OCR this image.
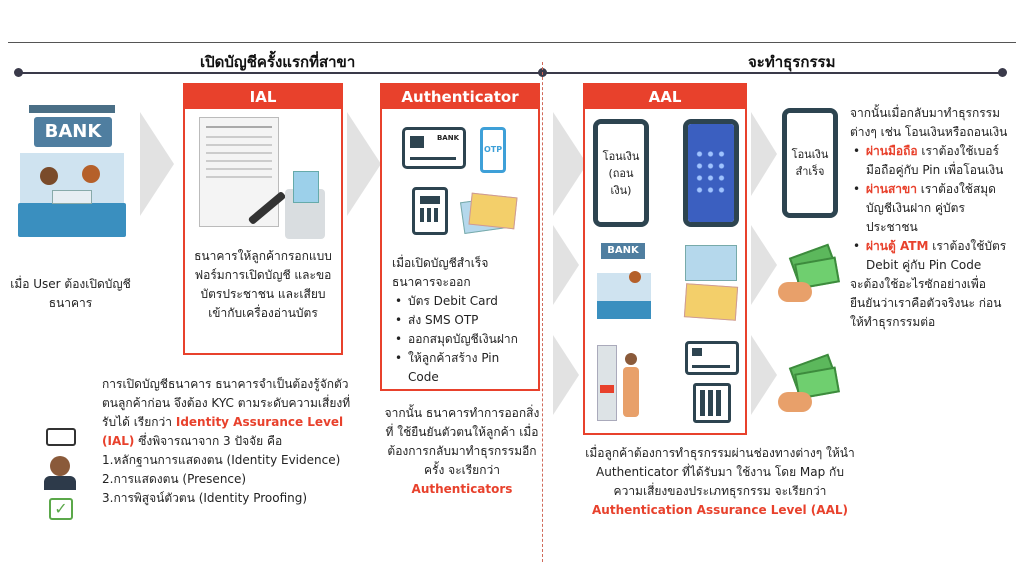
เปิดบัญชีครั้งแรกที่สาขา	จะทำธุรกรรม
BANK
เมื่อ User ต้องเปิดบัญชีธนาคาร
IAL
ธนาคารให้ลูกค้ากรอกแบบฟอร์มการเปิดบัญชี และขอบัตรประชาชน และเสียบเข้ากับเครื่องอ่านบัตร
Authenticator
BANK
OTP
เมื่อเปิดบัญชีสำเร็จ ธนาคารจะออก
• บัตร Debit Card
• ส่ง SMS OTP
• ออกสมุดบัญชีเงินฝาก
• ให้ลูกค้าสร้าง Pin Code
จากนั้น ธนาคารทำการออกสิ่งที่ ใช้ยืนยันตัวตนให้ลูกค้า เมื่อต้องการกลับมาทำธุรกรรมอีกครั้ง จะเรียกว่า Authenticators
✓
การเปิดบัญชีธนาคาร ธนาคารจำเป็นต้องรู้จักตัวตนลูกค้าก่อน จึงต้อง KYC ตามระดับความเสี่ยงที่รับได้ เรียกว่า Identity Assurance Level (IAL) ซึ่งพิจารณาจาก 3 ปัจจัย คือ
1.หลักฐานการแสดงตน (Identity Evidence)
2.การแสดงตน (Presence)
3.การพิสูจน์ตัวตน (Identity Proofing)
AAL
โอนเงิน
(ถอนเงิน)
BANK
เมื่อลูกค้าต้องการทำธุรกรรมผ่านช่องทางต่างๆ ให้นำ Authenticator ที่ได้รับมา ใช้งาน โดย Map กับความเสี่ยงของประเภทธุรกรรม จะเรียกว่า
Authentication Assurance Level (AAL)
โอนเงิน
สำเร็จ
จากนั้นเมื่อกลับมาทำธุรกรรมต่างๆ เช่น โอนเงินหรือถอนเงิน
• ผ่านมือถือ เราต้องใช้เบอร์มือถือคู่กับ Pin เพื่อโอนเงิน
• ผ่านสาขา เราต้องใช้สมุดบัญชีเงินฝาก คู่บัตรประชาชน
• ผ่านตู้ ATM เราต้องใช้บัตร Debit คู่กับ Pin Code
จะต้องใช้อะไรซักอย่างเพื่อยืนยันว่าเราคือตัวจริงนะ ก่อนให้ทำธุรกรรมต่อ
